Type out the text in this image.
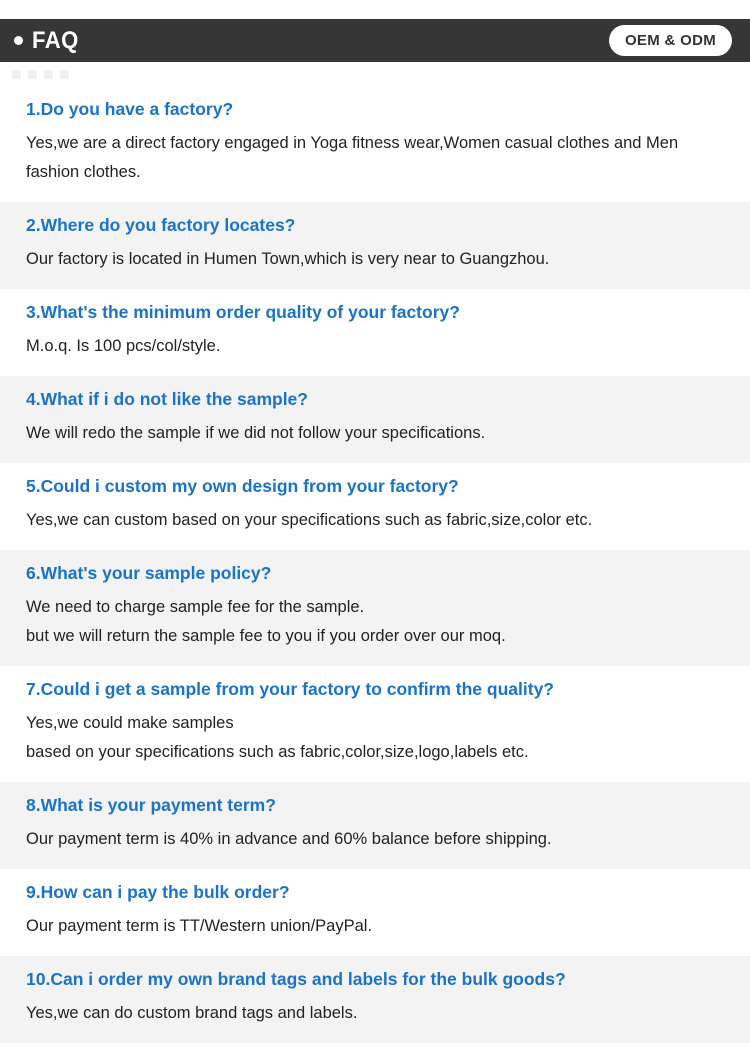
FAQ	OEM & ODM
1.Do you have a factory?
Yes,we are a direct factory engaged in Yoga fitness wear,Women casual clothes and Men
fashion clothes.
2.Where do you factory locates?
Our factory is located in Humen Town,which is very near to Guangzhou.
3.What's the minimum order quality of your factory?
M.o.q. Is 100 pcs/col/style.
4.What if i do not like the sample?
We will redo the sample if we did not follow your specifications.
5.Could i custom my own design from your factory?
Yes,we can custom based on your specifications such as fabric,size,color etc.
6.What's your sample policy?
We need to charge sample fee for the sample.
but we will return the sample fee to you if you order over our moq.
7.Could i get a sample from your factory to confirm the quality?
Yes,we could make samples
based on your specifications such as fabric,color,size,logo,labels etc.
8.What is your payment term?
Our payment term is 40% in advance and 60% balance before shipping.
9.How can i pay the bulk order?
Our payment term is TT/Western union/PayPal.
10.Can i order my own brand tags and labels for the bulk goods?
Yes,we can do custom brand tags and labels.
